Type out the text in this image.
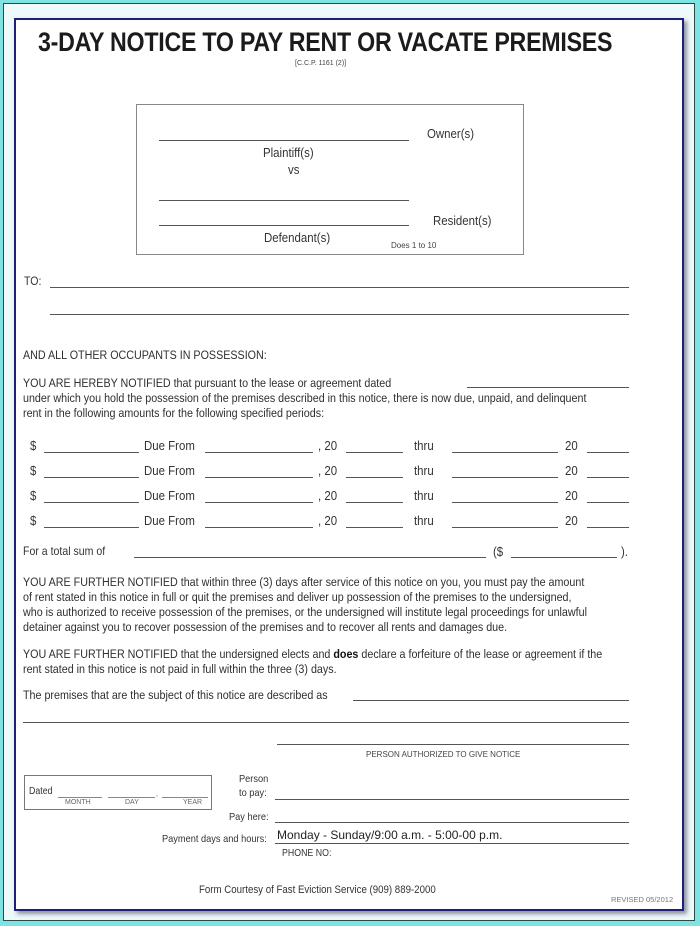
3-DAY NOTICE TO PAY RENT OR VACATE PREMISES
[C.C.P. 1161 (2)]
Owner(s)
Plaintiff(s)
vs
Resident(s)
Defendant(s)
Does 1 to 10
TO:
AND ALL OTHER OCCUPANTS IN POSSESSION:
YOU ARE HEREBY NOTIFIED that pursuant to the lease or agreement dated
under which you hold the possession of the premises described in this notice, there is now due, unpaid, and delinquent
rent in the following amounts for the following specified periods:
$	Due From	, 20	thru	20
$	Due From	, 20	thru	20
$	Due From	, 20	thru	20
$	Due From	, 20	thru	20
For a total sum of	($	).
YOU ARE FURTHER NOTIFIED that within three (3) days after service of this notice on you, you must pay the amount
of rent stated in this notice in full or quit the premises and deliver up possession of the premises to the undersigned,
who is authorized to receive possession of the premises, or the undersigned will institute legal proceedings for unlawful
detainer against you to recover possession of the premises and to recover all rents and damages due.
YOU ARE FURTHER NOTIFIED that the undersigned elects and does declare a forfeiture of the lease or agreement if the
rent stated in this notice is not paid in full within the three (3) days.
The premises that are the subject of this notice are described as
PERSON AUTHORIZED TO GIVE NOTICE
Dated
MONTH	DAY
,
YEAR
Person
to pay:
Pay here:
Payment days and hours: Monday - Sunday/9:00 a.m. - 5:00-00 p.m.
PHONE NO:
Form Courtesy of Fast Eviction Service (909) 889-2000
REVISED 05/2012
